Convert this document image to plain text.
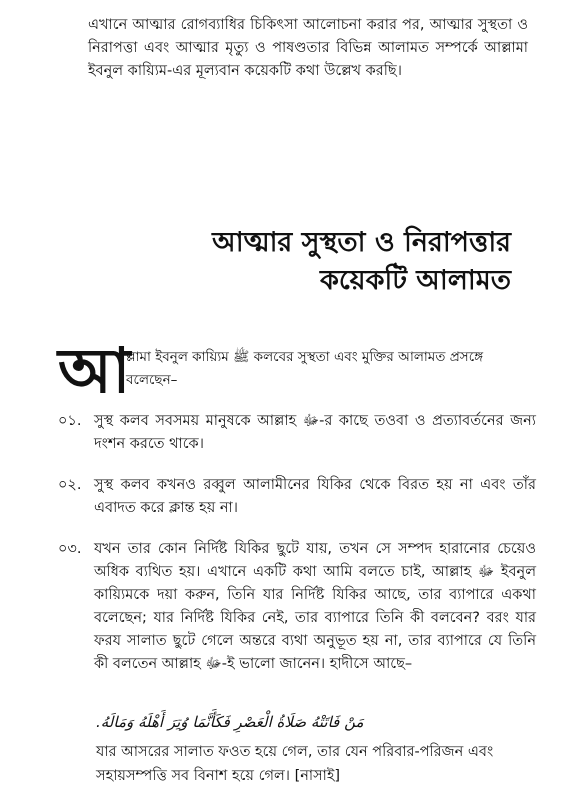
এখানে আত্মার রোগব্যাধির চিকিৎসা আলোচনা করার পর, আত্মার সুস্থতা ও নিরাপত্তা এবং আত্মার মৃত্যু ও পাষণ্ডতার বিভিন্ন আলামত সম্পর্কে আল্লামা ইবনুল কায়্যিম-এর মূল্যবান কয়েকটি কথা উল্লেখ করছি।

আত্মার সুস্থতা ও নিরাপত্তার
কয়েকটি আলামত
আ

ল্লামা ইবনুল কায়্যিম ﷺ কলবের সুস্থতা এবং মুক্তির আলামত প্রসঙ্গে বলেছেন–

০১. সুস্থ কলব সবসময় মানুষকে আল্লাহ ﷻ-র কাছে তওবা ও প্রত্যাবর্তনের জন্য দংশন করতে থাকে।
০২. সুস্থ কলব কখনও রব্বুল আলামীনের যিকির থেকে বিরত হয় না এবং তাঁর এবাদত করে ক্লান্ত হয় না।
০৩. যখন তার কোন নির্দিষ্ট যিকির ছুটে যায়, তখন সে সম্পদ হারানোর চেয়েও অধিক ব্যথিত হয়। এখানে একটি কথা আমি বলতে চাই, আল্লাহ ﷻ ইবনুল কায়্যিমকে দয়া করুন, তিনি যার নির্দিষ্ট যিকির আছে, তার ব্যাপারে একথা বলেছেন; যার নির্দিষ্ট যিকির নেই, তার ব্যাপারে তিনি কী বলবেন? বরং যার ফরয সালাত ছুটে গেলে অন্তরে ব্যথা অনুভূত হয় না, তার ব্যাপারে যে তিনি কী বলতেন আল্লাহ ﷻ-ই ভালো জানেন। হাদীসে আছে–
مَنْ فَاتَتْهُ صَلَاةُ الْعَصْرِ فَكَأَنَّمَا وُتِرَ أَهْلَهُ وَمَالَهُ.

যার আসরের সালাত ফওত হয়ে গেল, তার যেন পরিবার-পরিজন এবং সহায়সম্পত্তি সব বিনাশ হয়ে গেল। [নাসাই]
